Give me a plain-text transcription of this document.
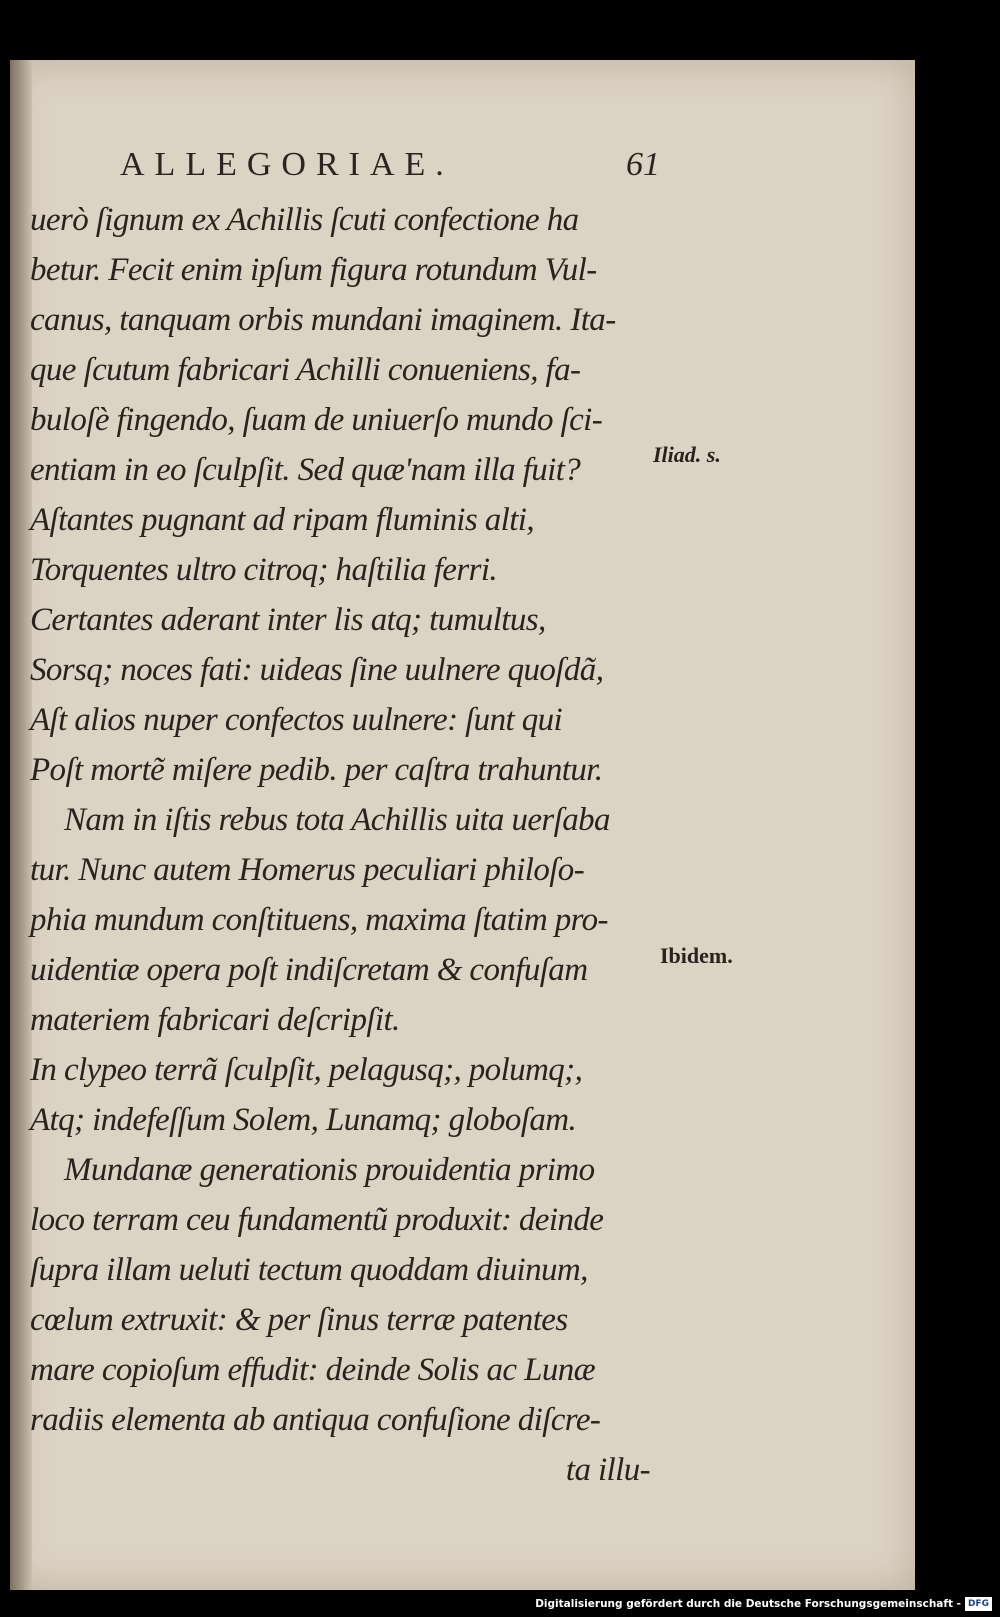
ALLEGORIAE.	61
uerò ſignum ex Achillis ſcuti confectione ha
betur. Fecit enim ipſum figura rotundum Vul-
canus, tanquam orbis mundani imaginem. Ita-
que ſcutum fabricari Achilli conueniens, fa-
buloſè fingendo, ſuam de uniuerſo mundo ſci-
entiam in eo ſculpſit. Sed quæ'nam illa fuit?
Aſtantes pugnant ad ripam fluminis alti,
Torquentes ultro citroq; haſtilia ferri.
Certantes aderant inter lis atq; tumultus,
Sorsq; noces fati: uideas ſine uulnere quoſdã,
Aſt alios nuper confectos uulnere: ſunt qui
Poſt mortẽ miſere pedib. per caſtra trahuntur.
Nam in iſtis rebus tota Achillis uita uerſaba
tur. Nunc autem Homerus peculiari philoſo-
phia mundum conſtituens, maxima ſtatim pro-
uidentiæ opera poſt indiſcretam & confuſam
materiem fabricari deſcripſit.
In clypeo terrã ſculpſit, pelagusq;, polumq;,
Atq; indefeſſum Solem, Lunamq; globoſam.
Mundanæ generationis prouidentia primo
loco terram ceu fundamentũ produxit: deinde
ſupra illam ueluti tectum quoddam diuinum,
cœlum extruxit: & per ſinus terræ patentes
mare copioſum effudit: deinde Solis ac Lunæ
radiis elementa ab antiqua confuſione diſcre-
ta illu-
Iliad. s.
Ibidem.
Digitalisierung gefördert durch die Deutsche Forschungsgemeinschaft - DFG
